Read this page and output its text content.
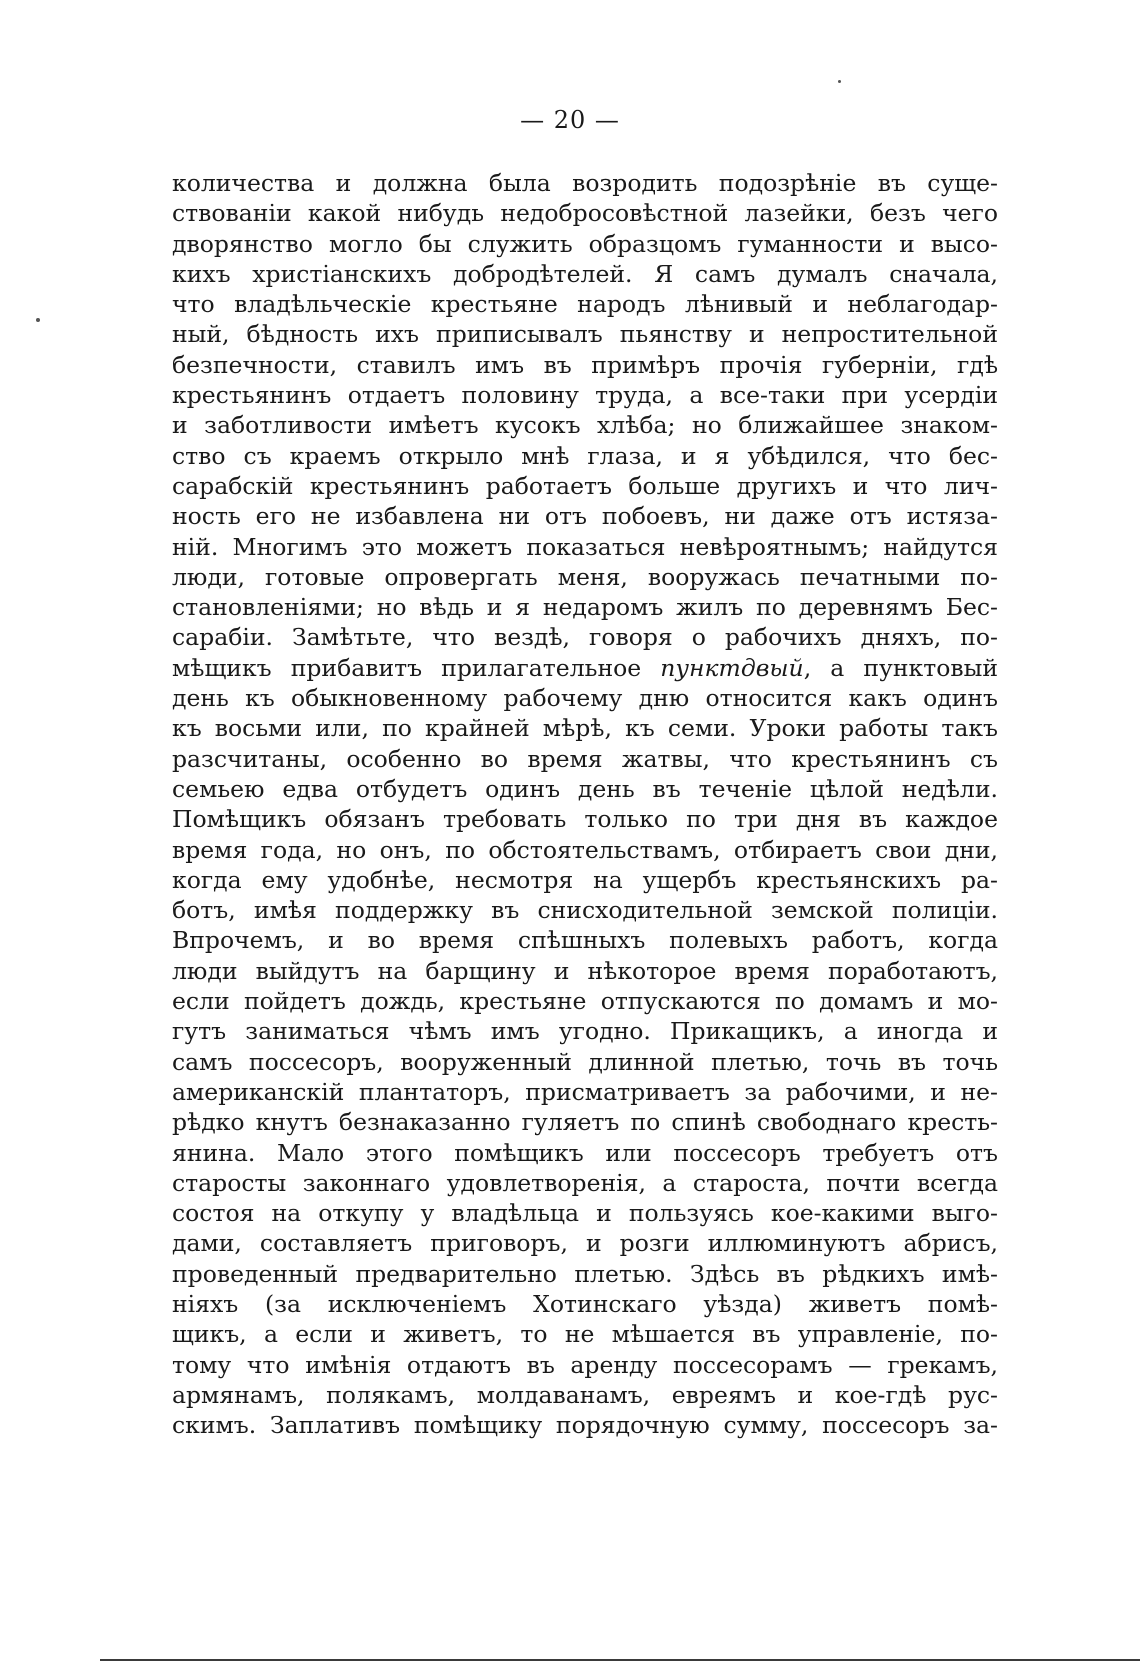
— 20 —
количества и должна была возродить подозрѣніе въ суще-
ствованіи какой нибудь недобросовѣстной лазейки, безъ чего
дворянство могло бы служить образцомъ гуманности и высо-
кихъ христіанскихъ добродѣтелей. Я самъ думалъ сначала,
что владѣльческіе крестьяне народъ лѣнивый и неблагодар-
ный, бѣдность ихъ приписывалъ пьянству и непростительной
безпечности, ставилъ имъ въ примѣръ прочія губерніи, гдѣ
крестьянинъ отдаетъ половину труда, а все-таки при усердіи
и заботливости имѣетъ кусокъ хлѣба; но ближайшее знаком-
ство съ краемъ открыло мнѣ глаза, и я убѣдился, что бес-
сарабскій крестьянинъ работаетъ больше другихъ и что лич-
ность его не избавлена ни отъ побоевъ, ни даже отъ истяза-
ній. Многимъ это можетъ показаться невѣроятнымъ; найдутся
люди, готовые опровергать меня, вооружась печатными по-
становленіями; но вѣдь и я недаромъ жилъ по деревнямъ Бес-
сарабіи. Замѣтьте, что вездѣ, говоря о рабочихъ дняхъ, по-
мѣщикъ прибавитъ прилагательное пунктдвый, а пунктовый
день къ обыкновенному рабочему дню относится какъ одинъ
къ восьми или, по крайней мѣрѣ, къ семи. Уроки работы такъ
разсчитаны, особенно во время жатвы, что крестьянинъ съ
семьею едва отбудетъ одинъ день въ теченіе цѣлой недѣли.
Помѣщикъ обязанъ требовать только по три дня въ каждое
время года, но онъ, по обстоятельствамъ, отбираетъ свои дни,
когда ему удобнѣе, несмотря на ущербъ крестьянскихъ ра-
ботъ, имѣя поддержку въ снисходительной земской полиціи.
Впрочемъ, и во время спѣшныхъ полевыхъ работъ, когда
люди выйдутъ на барщину и нѣкоторое время поработаютъ,
если пойдетъ дождь, крестьяне отпускаются по домамъ и мо-
гутъ заниматься чѣмъ имъ угодно. Прикащикъ, а иногда и
самъ поссесоръ, вооруженный длинной плетью, точь въ точь
американскій плантаторъ, присматриваетъ за рабочими, и не-
рѣдко кнутъ безнаказанно гуляетъ по спинѣ свободнаго кресть-
янина. Мало этого помѣщикъ или поссесоръ требуетъ отъ
старосты законнаго удовлетворенія, а староста, почти всегда
состоя на откупу у владѣльца и пользуясь кое-какими выго-
дами, составляетъ приговоръ, и розги иллюминуютъ абрисъ,
проведенный предварительно плетью. Здѣсь въ рѣдкихъ имѣ-
ніяхъ (за исключеніемъ Хотинскаго уѣзда) живетъ помѣ-
щикъ, а если и живетъ, то не мѣшается въ управленіе, по-
тому что имѣнія отдаютъ въ аренду поссесорамъ — грекамъ,
армянамъ, полякамъ, молдаванамъ, евреямъ и кое-гдѣ рус-
скимъ. Заплативъ помѣщику порядочную сумму, поссесоръ за-
